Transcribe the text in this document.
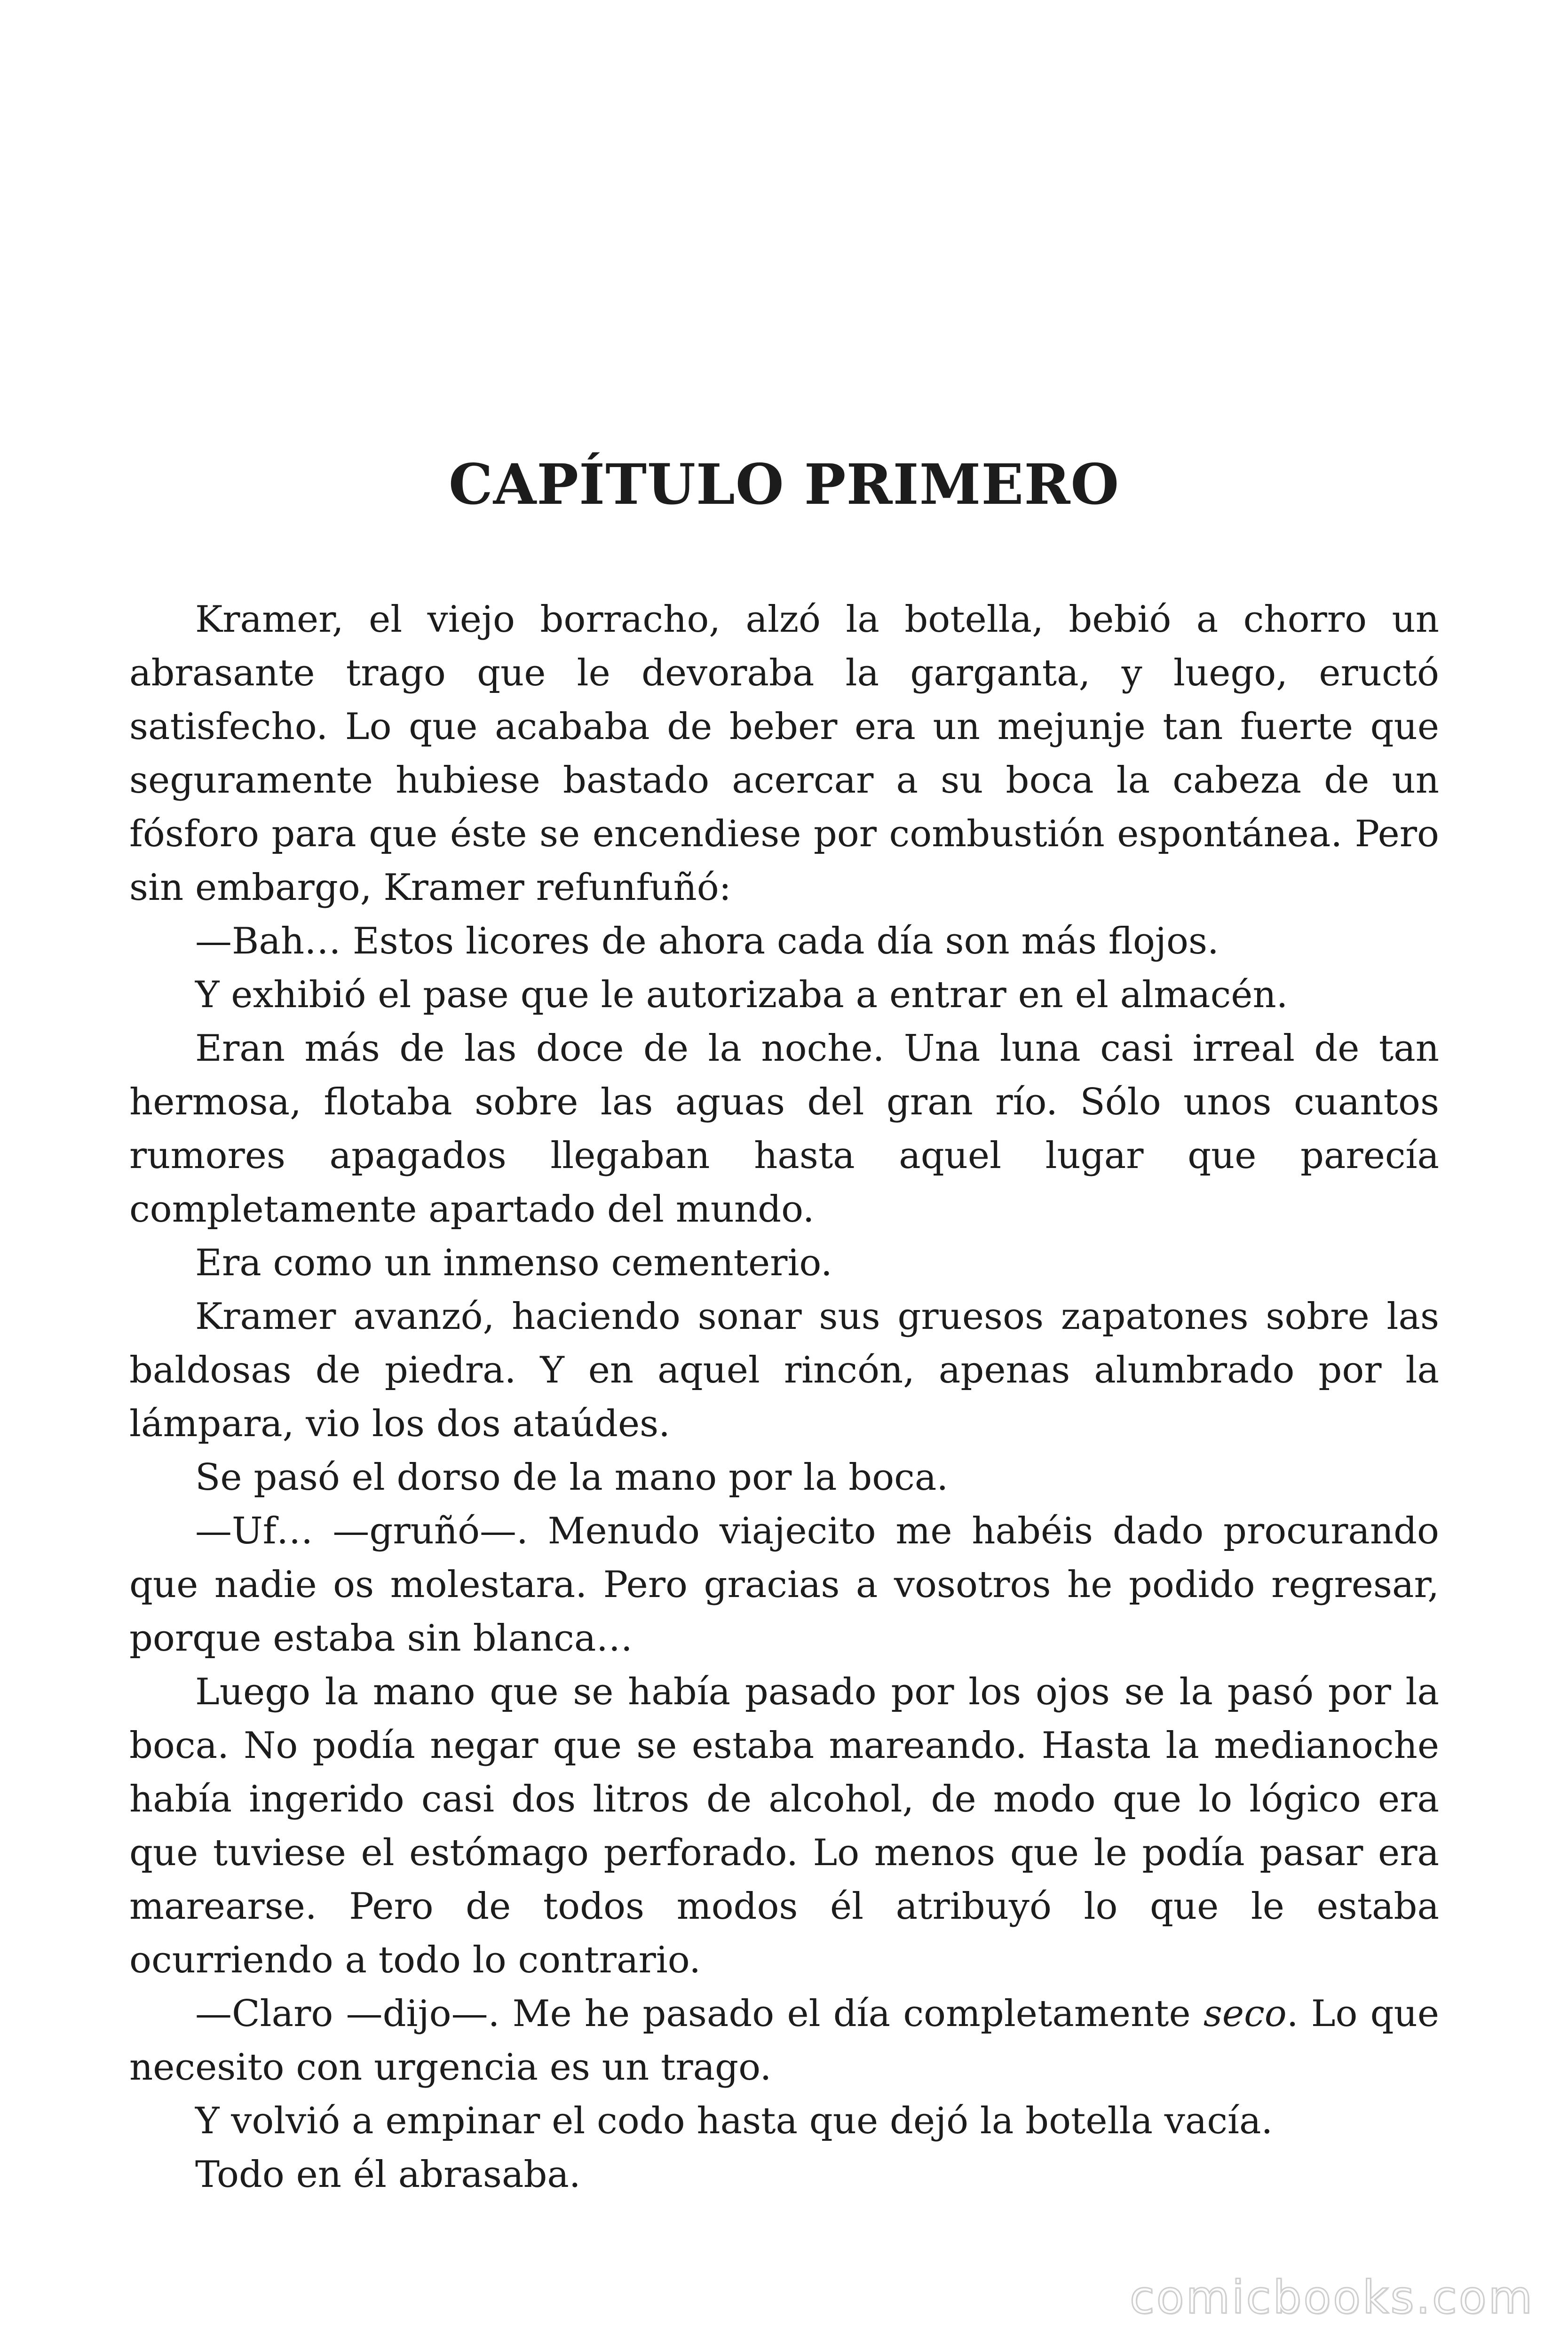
CAPÍTULO PRIMERO

Kramer, el viejo borracho, alzó la botella, bebió a chorro un abrasante trago que le devoraba la garganta, y luego, eructó satisfecho. Lo que acababa de beber era un mejunje tan fuerte que seguramente hubiese bastado acercar a su boca la cabeza de un fósforo para que éste se encendiese por combustión espontánea. Pero sin embargo, Kramer refunfuñó:

—Bah… Estos licores de ahora cada día son más flojos.

Y exhibió el pase que le autorizaba a entrar en el almacén.

Eran más de las doce de la noche. Una luna casi irreal de tan hermosa, flotaba sobre las aguas del gran río. Sólo unos cuantos rumores apagados llegaban hasta aquel lugar que parecía completamente apartado del mundo.

Era como un inmenso cementerio.

Kramer avanzó, haciendo sonar sus gruesos zapatones sobre las baldosas de piedra. Y en aquel rincón, apenas alumbrado por la lámpara, vio los dos ataúdes.

Se pasó el dorso de la mano por la boca.

—Uf… —gruñó—. Menudo viajecito me habéis dado procurando que nadie os molestara. Pero gracias a vosotros he podido regresar, porque estaba sin blanca…

Luego la mano que se había pasado por los ojos se la pasó por la boca. No podía negar que se estaba mareando. Hasta la medianoche había ingerido casi dos litros de alcohol, de modo que lo lógico era que tuviese el estómago perforado. Lo menos que le podía pasar era marearse. Pero de todos modos él atribuyó lo que le estaba ocurriendo a todo lo contrario.

—Claro —dijo—. Me he pasado el día completamente seco. Lo que necesito con urgencia es un trago.

Y volvió a empinar el codo hasta que dejó la botella vacía.

Todo en él abrasaba.

comicbooks.com
